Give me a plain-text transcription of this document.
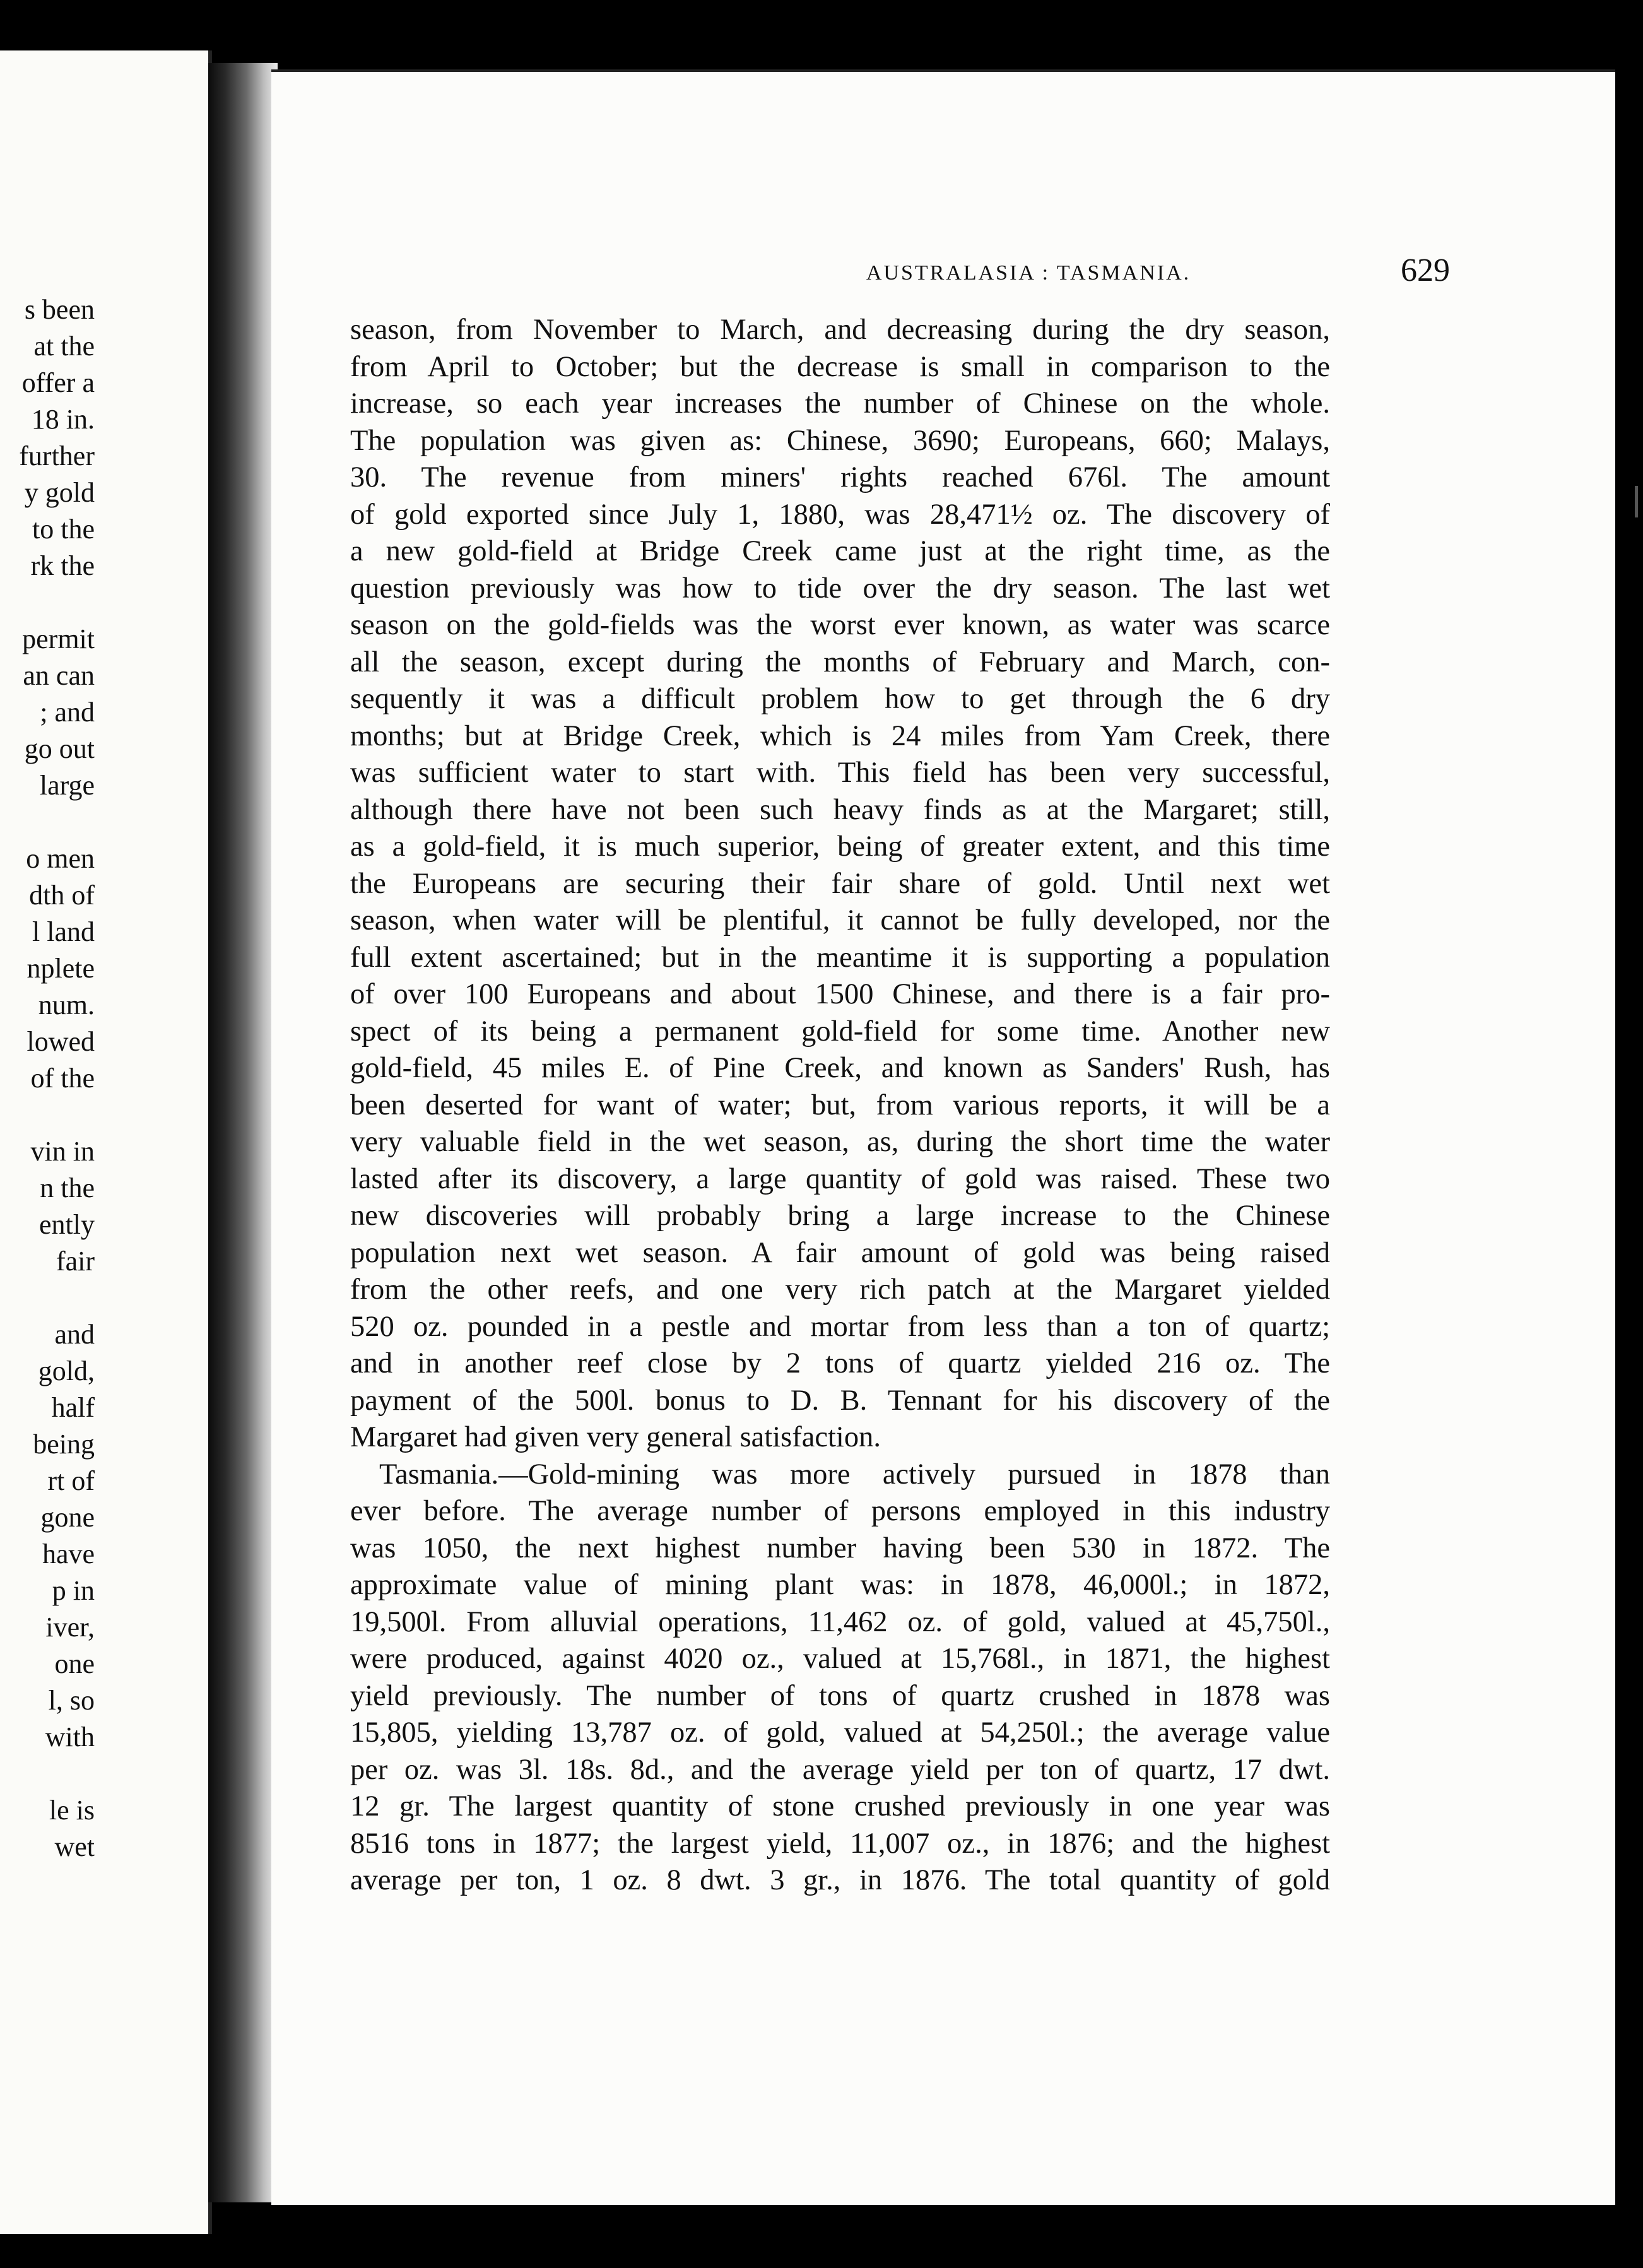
s been
at the
offer a
18 in.
further
y gold
to the
rk the
permit
an can
; and
go out
large
o men
dth of
l land
nplete
num.
lowed
of the
vin in
n the
ently
fair
and
gold,
half
being
rt of
gone
have
p in
iver,
one
l, so
with
le is
wet
AUSTRALASIA : TASMANIA.	629
season, from November to March, and decreasing during the dry season,
from April to October; but the decrease is small in comparison to the
increase, so each year increases the number of Chinese on the whole.
The population was given as: Chinese, 3690; Europeans, 660; Malays,
30. The revenue from miners' rights reached 676l. The amount
of gold exported since July 1, 1880, was 28,471½ oz. The discovery of
a new gold-field at Bridge Creek came just at the right time, as the
question previously was how to tide over the dry season. The last wet
season on the gold-fields was the worst ever known, as water was scarce
all the season, except during the months of February and March, con-
sequently it was a difficult problem how to get through the 6 dry
months; but at Bridge Creek, which is 24 miles from Yam Creek, there
was sufficient water to start with. This field has been very successful,
although there have not been such heavy finds as at the Margaret; still,
as a gold-field, it is much superior, being of greater extent, and this time
the Europeans are securing their fair share of gold. Until next wet
season, when water will be plentiful, it cannot be fully developed, nor the
full extent ascertained; but in the meantime it is supporting a population
of over 100 Europeans and about 1500 Chinese, and there is a fair pro-
spect of its being a permanent gold-field for some time. Another new
gold-field, 45 miles E. of Pine Creek, and known as Sanders' Rush, has
been deserted for want of water; but, from various reports, it will be a
very valuable field in the wet season, as, during the short time the water
lasted after its discovery, a large quantity of gold was raised. These two
new discoveries will probably bring a large increase to the Chinese
population next wet season. A fair amount of gold was being raised
from the other reefs, and one very rich patch at the Margaret yielded
520 oz. pounded in a pestle and mortar from less than a ton of quartz;
and in another reef close by 2 tons of quartz yielded 216 oz. The
payment of the 500l. bonus to D. B. Tennant for his discovery of the
Margaret had given very general satisfaction.
Tasmania.—Gold-mining was more actively pursued in 1878 than
ever before. The average number of persons employed in this industry
was 1050, the next highest number having been 530 in 1872. The
approximate value of mining plant was: in 1878, 46,000l.; in 1872,
19,500l. From alluvial operations, 11,462 oz. of gold, valued at 45,750l.,
were produced, against 4020 oz., valued at 15,768l., in 1871, the highest
yield previously. The number of tons of quartz crushed in 1878 was
15,805, yielding 13,787 oz. of gold, valued at 54,250l.; the average value
per oz. was 3l. 18s. 8d., and the average yield per ton of quartz, 17 dwt.
12 gr. The largest quantity of stone crushed previously in one year was
8516 tons in 1877; the largest yield, 11,007 oz., in 1876; and the highest
average per ton, 1 oz. 8 dwt. 3 gr., in 1876. The total quantity of gold
